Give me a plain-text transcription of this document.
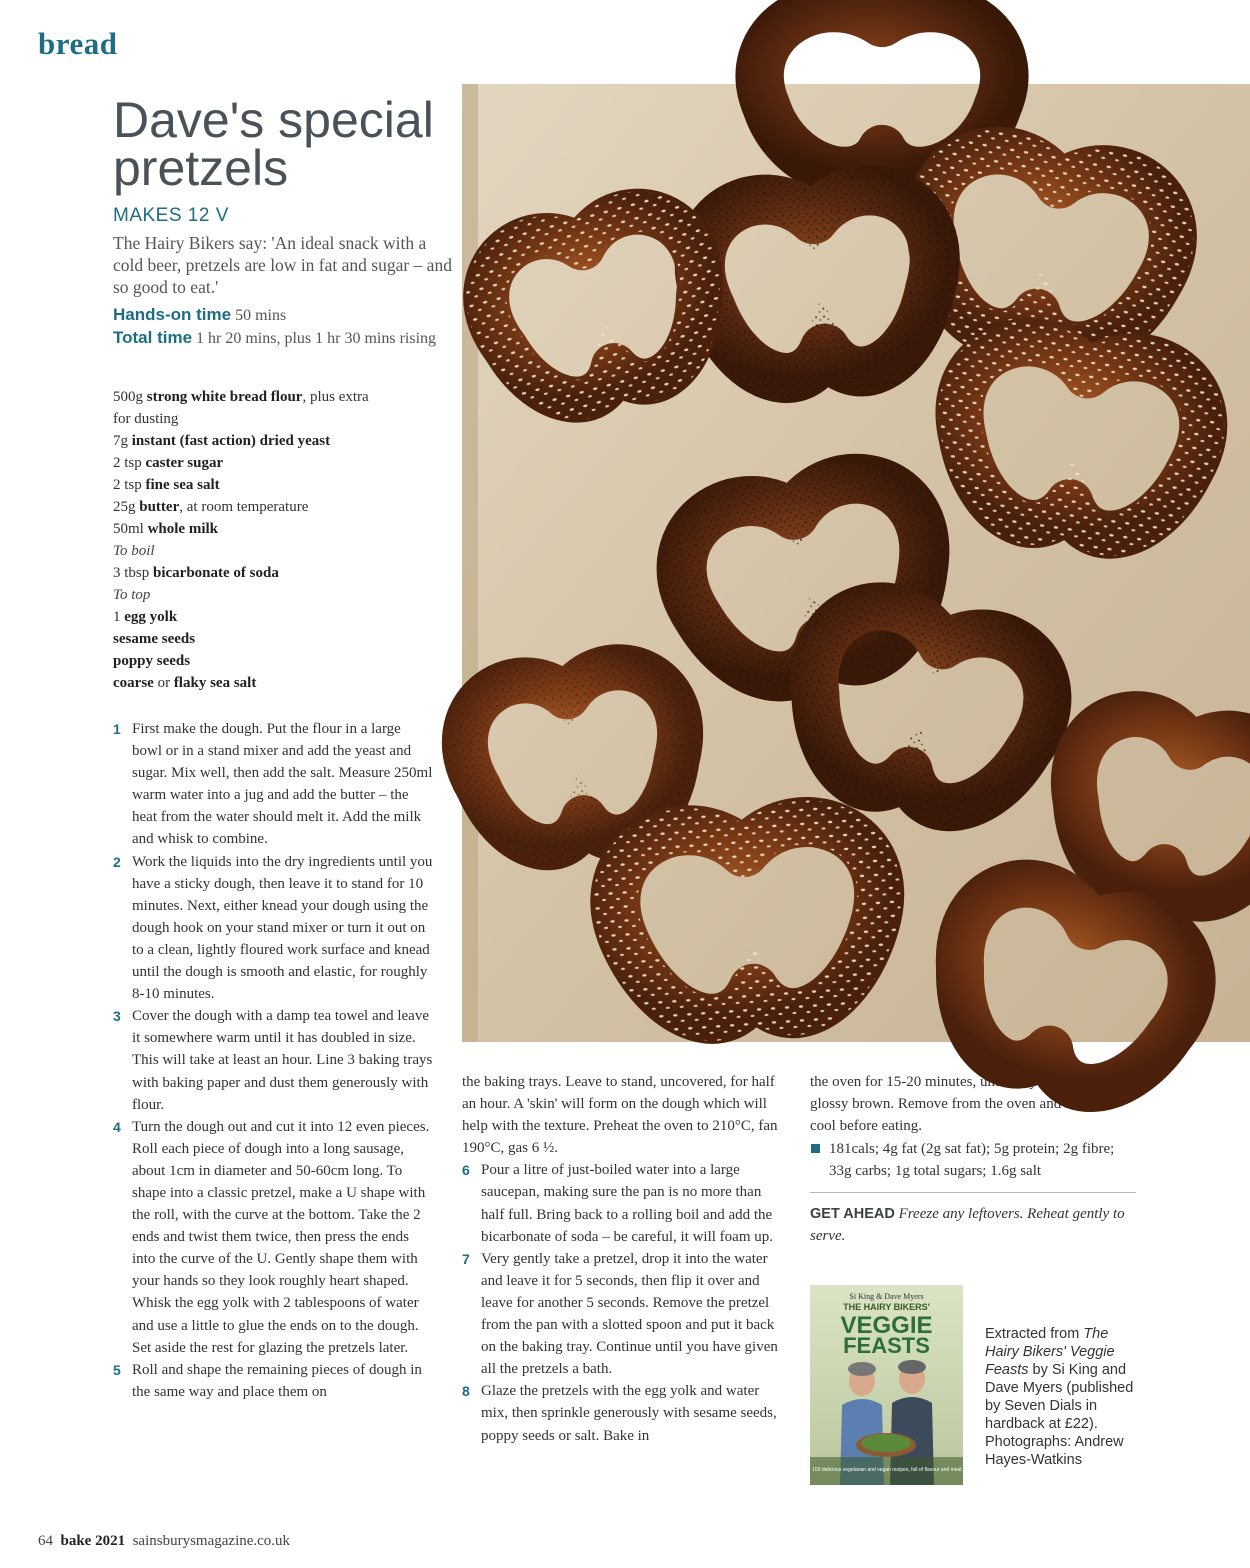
bread
Dave's special pretzels
MAKES 12 V
The Hairy Bikers say: 'An ideal snack with a cold beer, pretzels are low in fat and sugar – and so good to eat.'
Hands-on time 50 mins
Total time 1 hr 20 mins, plus 1 hr 30 mins rising
500g strong white bread flour, plus extra
for dusting
7g instant (fast action) dried yeast
2 tsp caster sugar
2 tsp fine sea salt
25g butter, at room temperature
50ml whole milk
To boil
3 tbsp bicarbonate of soda
To top
1 egg yolk
sesame seeds
poppy seeds
coarse or flaky sea salt
1 First make the dough. Put the flour in a large bowl or in a stand mixer and add the yeast and sugar. Mix well, then add the salt. Measure 250ml warm water into a jug and add the butter – the heat from the water should melt it. Add the milk and whisk to combine.
2 Work the liquids into the dry ingredients until you have a sticky dough, then leave it to stand for 10 minutes. Next, either knead your dough using the dough hook on your stand mixer or turn it out on to a clean, lightly floured work surface and knead until the dough is smooth and elastic, for roughly 8-10 minutes.
3 Cover the dough with a damp tea towel and leave it somewhere warm until it has doubled in size. This will take at least an hour. Line 3 baking trays with baking paper and dust them generously with flour.
4 Turn the dough out and cut it into 12 even pieces. Roll each piece of dough into a long sausage, about 1cm in diameter and 50-60cm long. To shape into a classic pretzel, make a U shape with the roll, with the curve at the bottom. Take the 2 ends and twist them twice, then press the ends into the curve of the U. Gently shape them with your hands so they look roughly heart shaped. Whisk the egg yolk with 2 tablespoons of water and use a little to glue the ends on to the dough. Set aside the rest for glazing the pretzels later.
5 Roll and shape the remaining pieces of dough in the same way and place them on
the baking trays. Leave to stand, uncovered, for half an hour. A 'skin' will form on the dough which will help with the texture. Preheat the oven to 210°C, fan 190°C, gas 6 ½.
6 Pour a litre of just-boiled water into a large saucepan, making sure the pan is no more than half full. Bring back to a rolling boil and add the bicarbonate of soda – be careful, it will foam up.
7 Very gently take a pretzel, drop it into the water and leave it for 5 seconds, then flip it over and leave for another 5 seconds. Remove the pretzel from the pan with a slotted spoon and put it back on the baking tray. Continue until you have given all the pretzels a bath.
8 Glaze the pretzels with the egg yolk and water mix, then sprinkle generously with sesame seeds, poppy seeds or salt. Bake in
the oven for 15-20 minutes, until they are a deep, glossy brown. Remove from the oven and leave to cool before eating.
181cals; 4g fat (2g sat fat); 5g protein; 2g fibre; 33g carbs; 1g total sugars; 1.6g salt
GET AHEAD Freeze any leftovers. Reheat gently to serve.
Si King & Dave Myers
THE HAIRY BIKERS'
VEGGIE
FEASTS
Over 100 delicious vegetarian and vegan recipes, full of flavour and meat free!
Extracted from The Hairy Bikers' Veggie Feasts by Si King and Dave Myers (published by Seven Dials in hardback at £22). Photographs: Andrew Hayes-Watkins
64 bake 2021 sainsburysmagazine.co.uk
